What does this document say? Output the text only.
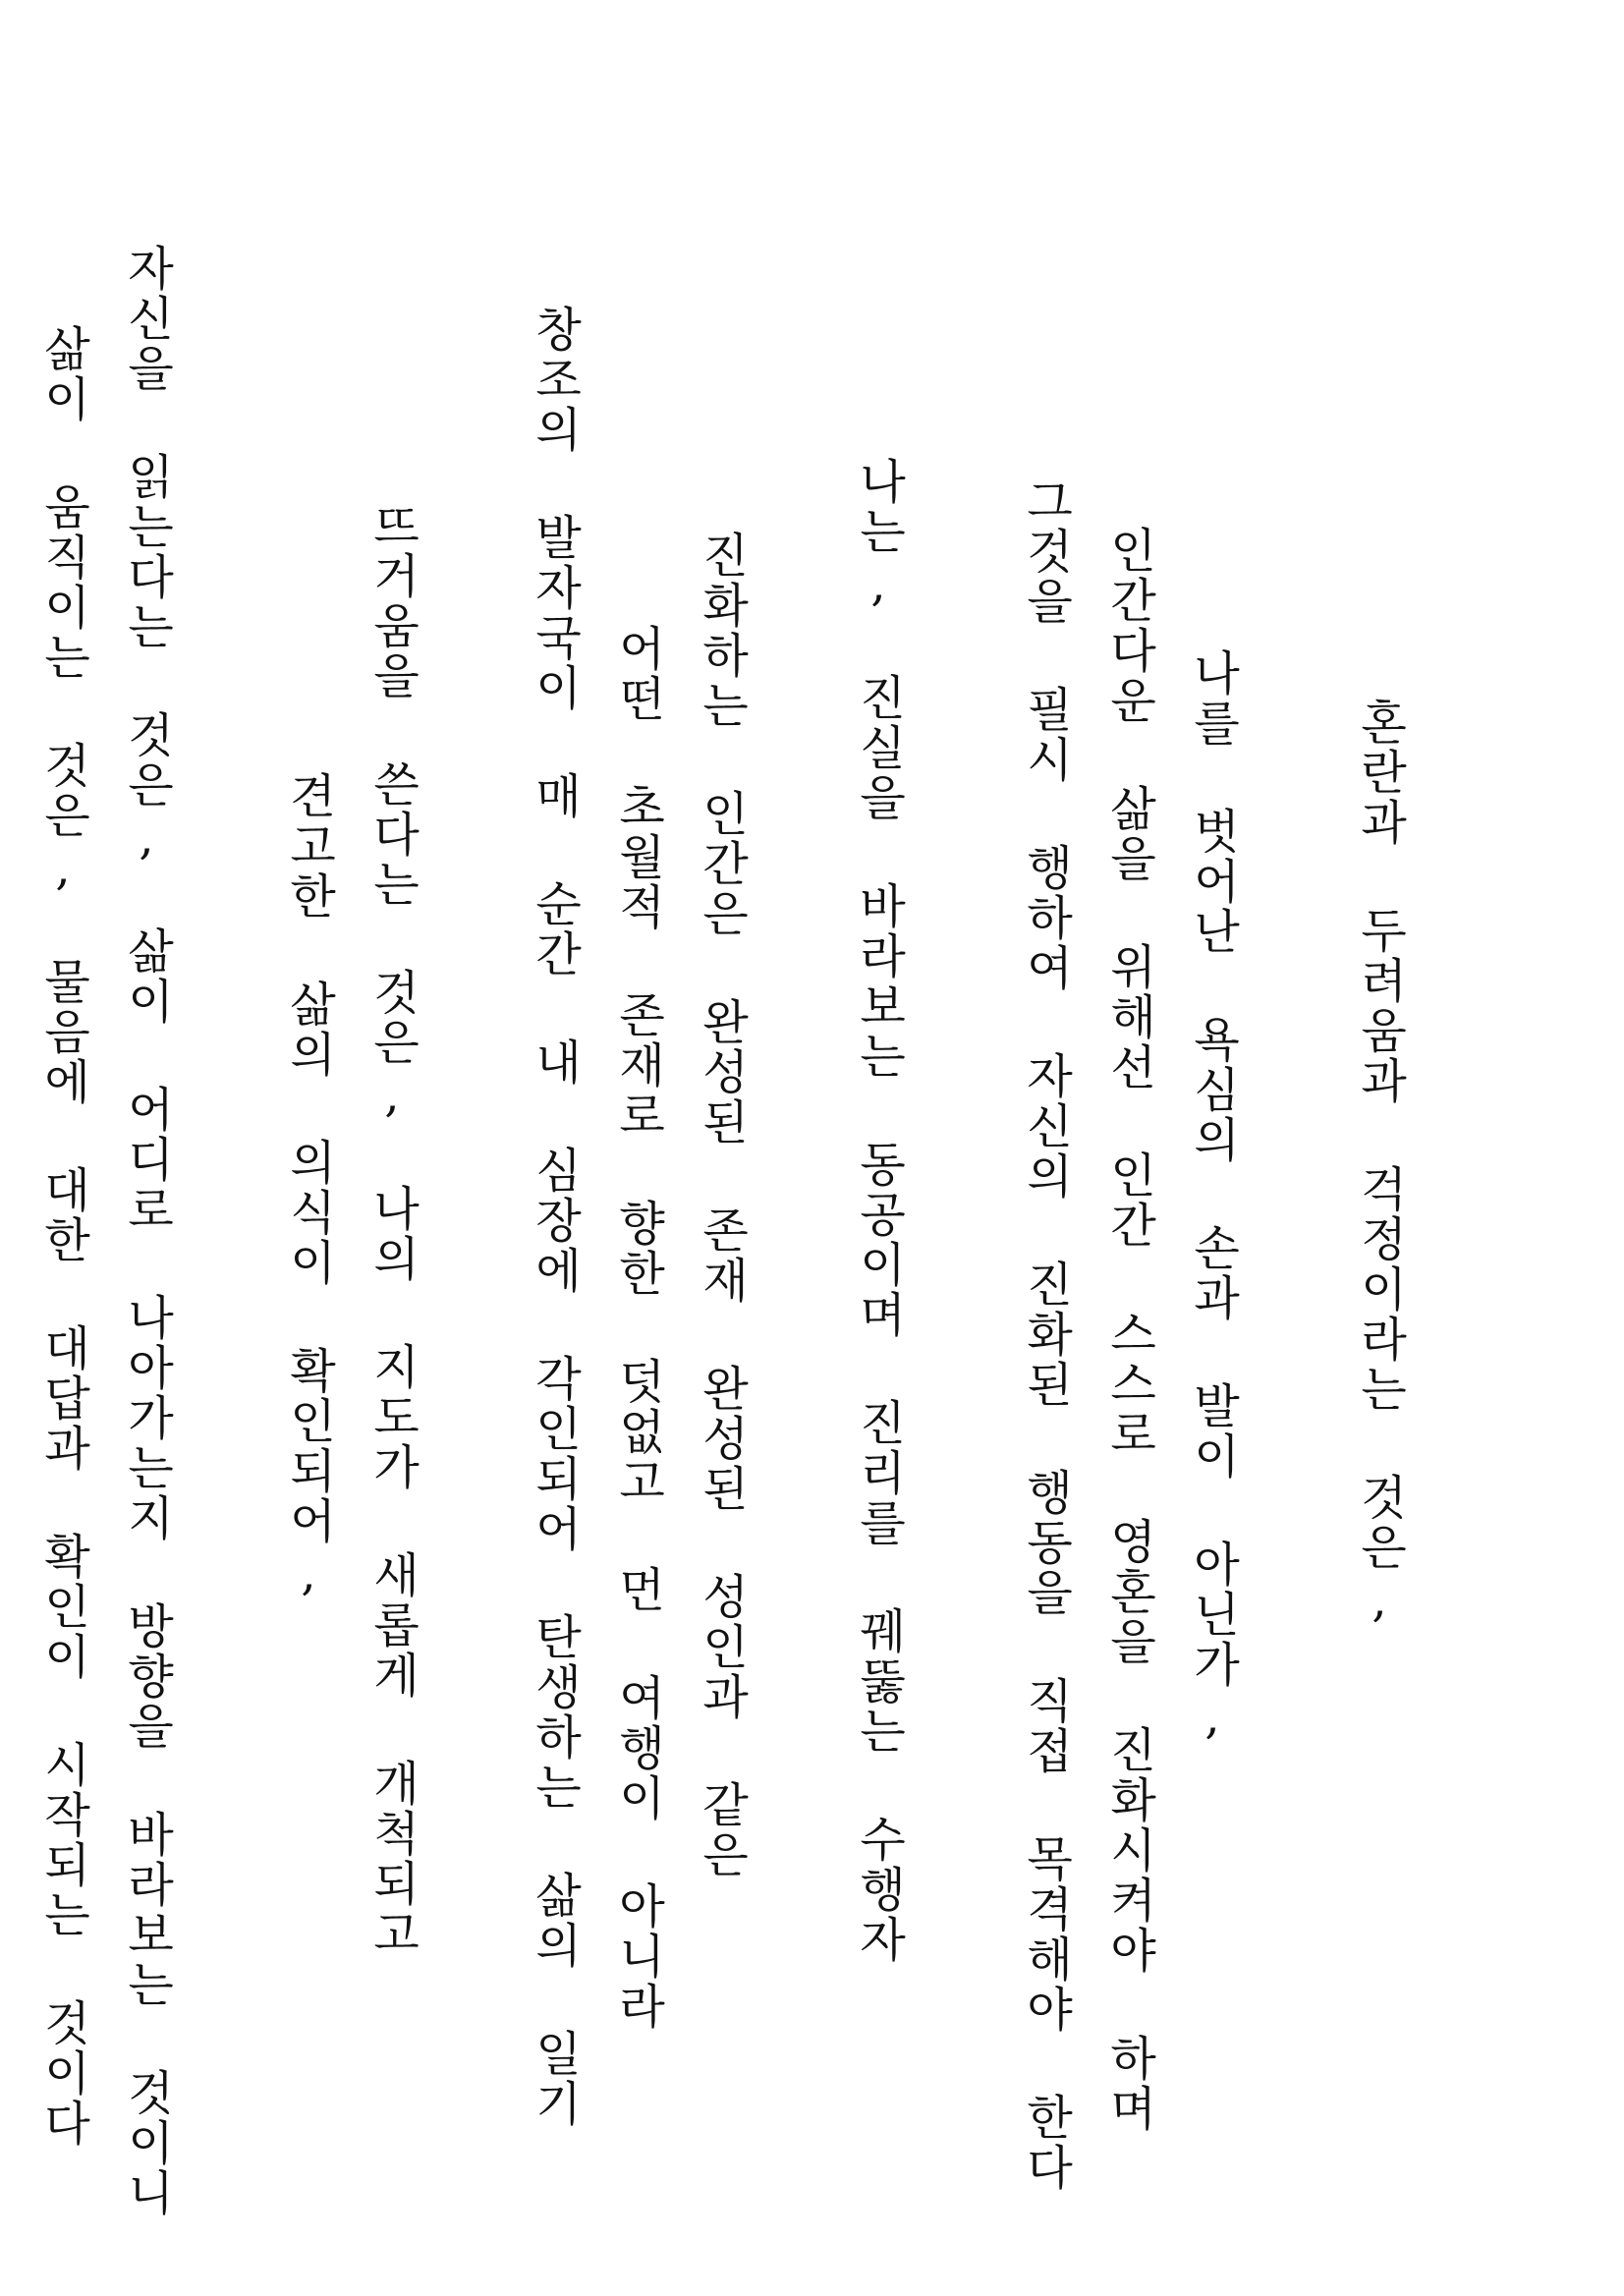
혼란과 두려움과 걱정이라는 것은,
나를 벗어난 욕심의 손과 발이 아닌가,
인간다운 삶을 위해선 인간 스스로 영혼을 진화시켜야 하며
그것을 필시 행하여 자신의 진화된 행동을 직접 목격해야 한다
나는, 진실을 바라보는 동공이며 진리를 꿰뚫는 수행자
진화하는 인간은 완성된 존재 완성된 성인과 같은
어떤 초월적 존재로 향한 덧없고 먼 여행이 아니라
창조의 발자국이 매 순간 내 심장에 각인되어 탄생하는 삶의 일기
뜨거움을 쓴다는 것은, 나의 지도가 새롭게 개척되고
견고한 삶의 의식이 확인되어,
자신을 읽는다는 것은, 삶이 어디로 나아가는지 방향을 바라보는 것이니
삶이 움직이는 것은, 물음에 대한 대답과 확인이 시작되는 것이다
